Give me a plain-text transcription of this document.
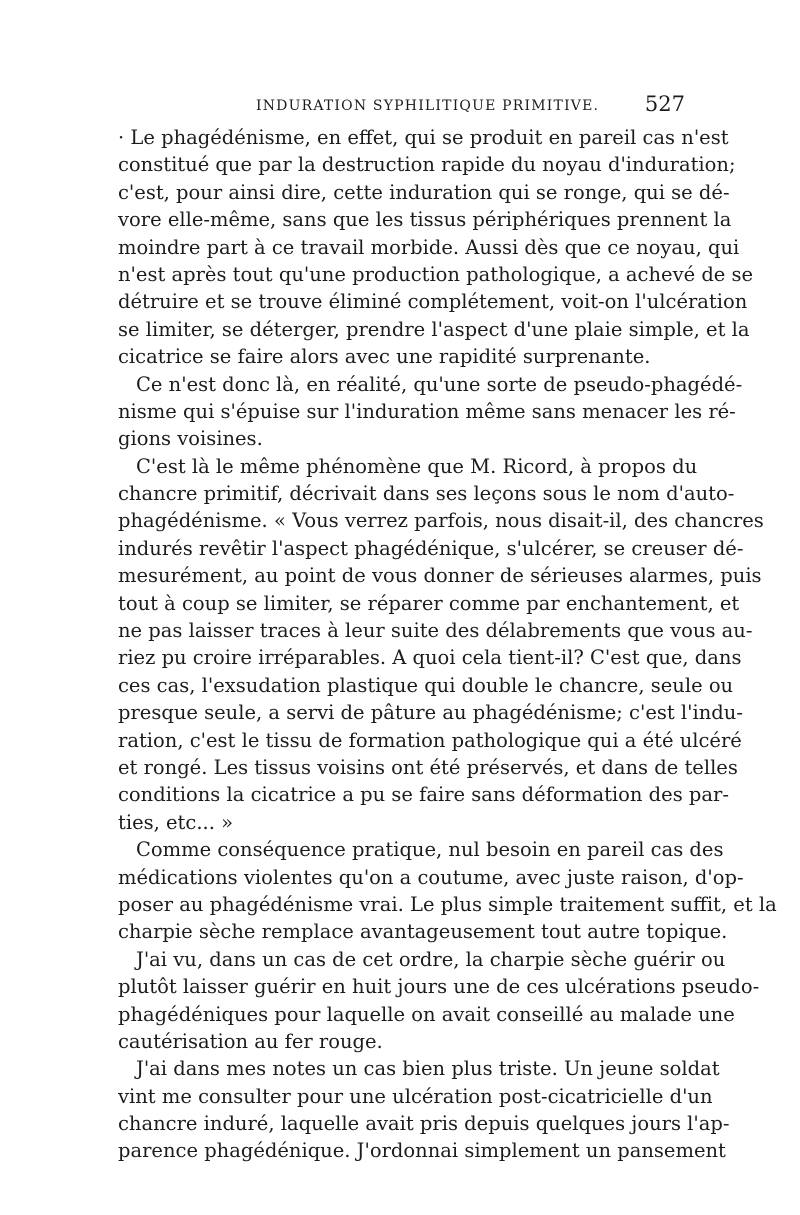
INDURATION SYPHILITIQUE PRIMITIVE. 527
· Le phagédénisme, en effet, qui se produit en pareil cas n'est
constitué que par la destruction rapide du noyau d'induration;
c'est, pour ainsi dire, cette induration qui se ronge, qui se dé-
vore elle-même, sans que les tissus périphériques prennent la
moindre part à ce travail morbide. Aussi dès que ce noyau, qui
n'est après tout qu'une production pathologique, a achevé de se
détruire et se trouve éliminé complétement, voit-on l'ulcération
se limiter, se déterger, prendre l'aspect d'une plaie simple, et la
cicatrice se faire alors avec une rapidité surprenante.
Ce n'est donc là, en réalité, qu'une sorte de pseudo-phagédé-
nisme qui s'épuise sur l'induration même sans menacer les ré-
gions voisines.
C'est là le même phénomène que M. Ricord, à propos du
chancre primitif, décrivait dans ses leçons sous le nom d'auto-
phagédénisme. « Vous verrez parfois, nous disait-il, des chancres
indurés revêtir l'aspect phagédénique, s'ulcérer, se creuser dé-
mesurément, au point de vous donner de sérieuses alarmes, puis
tout à coup se limiter, se réparer comme par enchantement, et
ne pas laisser traces à leur suite des délabrements que vous au-
riez pu croire irréparables. A quoi cela tient-il? C'est que, dans
ces cas, l'exsudation plastique qui double le chancre, seule ou
presque seule, a servi de pâture au phagédénisme; c'est l'indu-
ration, c'est le tissu de formation pathologique qui a été ulcéré
et rongé. Les tissus voisins ont été préservés, et dans de telles
conditions la cicatrice a pu se faire sans déformation des par-
ties, etc... »
Comme conséquence pratique, nul besoin en pareil cas des
médications violentes qu'on a coutume, avec juste raison, d'op-
poser au phagédénisme vrai. Le plus simple traitement suffit, et la
charpie sèche remplace avantageusement tout autre topique.
J'ai vu, dans un cas de cet ordre, la charpie sèche guérir ou
plutôt laisser guérir en huit jours une de ces ulcérations pseudo-
phagédéniques pour laquelle on avait conseillé au malade une
cautérisation au fer rouge.
J'ai dans mes notes un cas bien plus triste. Un jeune soldat
vint me consulter pour une ulcération post-cicatricielle d'un
chancre induré, laquelle avait pris depuis quelques jours l'ap-
parence phagédénique. J'ordonnai simplement un pansement
